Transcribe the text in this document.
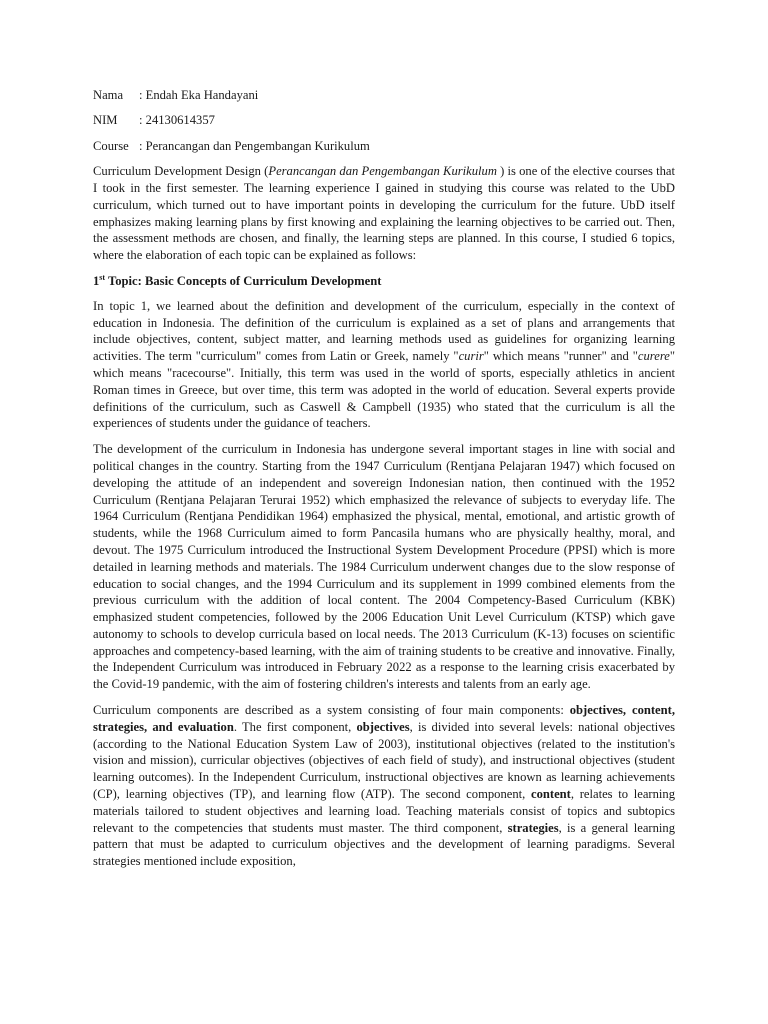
Nama	: Endah Eka Handayani
NIM	: 24130614357
Course : Perancangan dan Pengembangan Kurikulum

Curriculum Development Design (Perancangan dan Pengembangan Kurikulum ) is one of the elective courses that I took in the first semester. The learning experience I gained in studying this course was related to the UbD curriculum, which turned out to have important points in developing the curriculum for the future. UbD itself emphasizes making learning plans by first knowing and explaining the learning objectives to be carried out. Then, the assessment methods are chosen, and finally, the learning steps are planned. In this course, I studied 6 topics, where the elaboration of each topic can be explained as follows:

1st Topic: Basic Concepts of Curriculum Development

In topic 1, we learned about the definition and development of the curriculum, especially in the context of education in Indonesia. The definition of the curriculum is explained as a set of plans and arrangements that include objectives, content, subject matter, and learning methods used as guidelines for organizing learning activities. The term "curriculum" comes from Latin or Greek, namely "curir" which means "runner" and "curere" which means "racecourse". Initially, this term was used in the world of sports, especially athletics in ancient Roman times in Greece, but over time, this term was adopted in the world of education. Several experts provide definitions of the curriculum, such as Caswell & Campbell (1935) who stated that the curriculum is all the experiences of students under the guidance of teachers.

The development of the curriculum in Indonesia has undergone several important stages in line with social and political changes in the country. Starting from the 1947 Curriculum (Rentjana Pelajaran 1947) which focused on developing the attitude of an independent and sovereign Indonesian nation, then continued with the 1952 Curriculum (Rentjana Pelajaran Terurai 1952) which emphasized the relevance of subjects to everyday life. The 1964 Curriculum (Rentjana Pendidikan 1964) emphasized the physical, mental, emotional, and artistic growth of students, while the 1968 Curriculum aimed to form Pancasila humans who are physically healthy, moral, and devout. The 1975 Curriculum introduced the Instructional System Development Procedure (PPSI) which is more detailed in learning methods and materials. The 1984 Curriculum underwent changes due to the slow response of education to social changes, and the 1994 Curriculum and its supplement in 1999 combined elements from the previous curriculum with the addition of local content. The 2004 Competency-Based Curriculum (KBK) emphasized student competencies, followed by the 2006 Education Unit Level Curriculum (KTSP) which gave autonomy to schools to develop curricula based on local needs. The 2013 Curriculum (K-13) focuses on scientific approaches and competency-based learning, with the aim of training students to be creative and innovative. Finally, the Independent Curriculum was introduced in February 2022 as a response to the learning crisis exacerbated by the Covid-19 pandemic, with the aim of fostering children's interests and talents from an early age.

Curriculum components are described as a system consisting of four main components: objectives, content, strategies, and evaluation. The first component, objectives, is divided into several levels: national objectives (according to the National Education System Law of 2003), institutional objectives (related to the institution's vision and mission), curricular objectives (objectives of each field of study), and instructional objectives (student learning outcomes). In the Independent Curriculum, instructional objectives are known as learning achievements (CP), learning objectives (TP), and learning flow (ATP). The second component, content, relates to learning materials tailored to student objectives and learning load. Teaching materials consist of topics and subtopics relevant to the competencies that students must master. The third component, strategies, is a general learning pattern that must be adapted to curriculum objectives and the development of learning paradigms. Several strategies mentioned include exposition,
